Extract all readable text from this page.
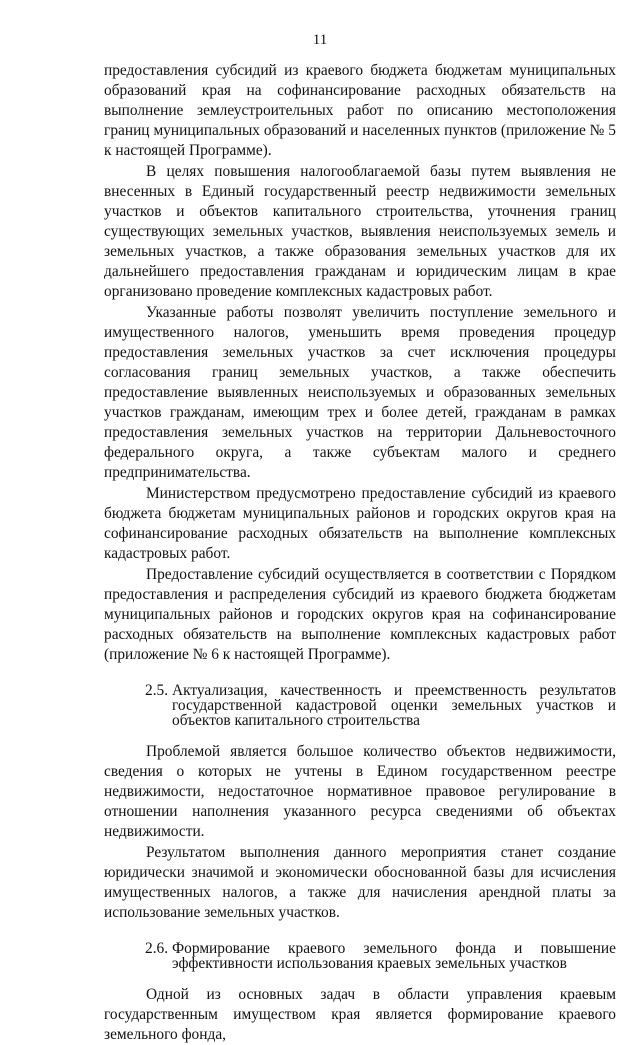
11

предоставления субсидий из краевого бюджета бюджетам муниципальных образований края на софинансирование расходных обязательств на выполнение землеустроительных работ по описанию местоположения границ муниципальных образований и населенных пунктов (приложение № 5 к настоящей Программе).

В целях повышения налогооблагаемой базы путем выявления не внесенных в Единый государственный реестр недвижимости земельных участков и объектов капитального строительства, уточнения границ существующих земельных участков, выявления неиспользуемых земель и земельных участков, а также образования земельных участков для их дальнейшего предоставления гражданам и юридическим лицам в крае организовано проведение комплексных кадастровых работ.

Указанные работы позволят увеличить поступление земельного и имущественного налогов, уменьшить время проведения процедур предоставления земельных участков за счет исключения процедуры согласования границ земельных участков, а также обеспечить предоставление выявленных неиспользуемых и образованных земельных участков гражданам, имеющим трех и более детей, гражданам в рамках предоставления земельных участков на территории Дальневосточного федерального округа, а также субъектам малого и среднего предпринимательства.

Министерством предусмотрено предоставление субсидий из краевого бюджета бюджетам муниципальных районов и городских округов края на софинансирование расходных обязательств на выполнение комплексных кадастровых работ.

Предоставление субсидий осуществляется в соответствии с Порядком предоставления и распределения субсидий из краевого бюджета бюджетам муниципальных районов и городских округов края на софинансирование расходных обязательств на выполнение комплексных кадастровых работ (приложение № 6 к настоящей Программе).

2.5. Актуализация, качественность и преемственность результатов государственной кадастровой оценки земельных участков и объектов капитального строительства

Проблемой является большое количество объектов недвижимости, сведения о которых не учтены в Едином государственном реестре недвижимости, недостаточное нормативное правовое регулирование в отношении наполнения указанного ресурса сведениями об объектах недвижимости.

Результатом выполнения данного мероприятия станет создание юридически значимой и экономически обоснованной базы для исчисления имущественных налогов, а также для начисления арендной платы за использование земельных участков.

2.6. Формирование краевого земельного фонда и повышение эффективности использования краевых земельных участков

Одной из основных задач в области управления краевым государственным имуществом края является формирование краевого земельного фонда,
